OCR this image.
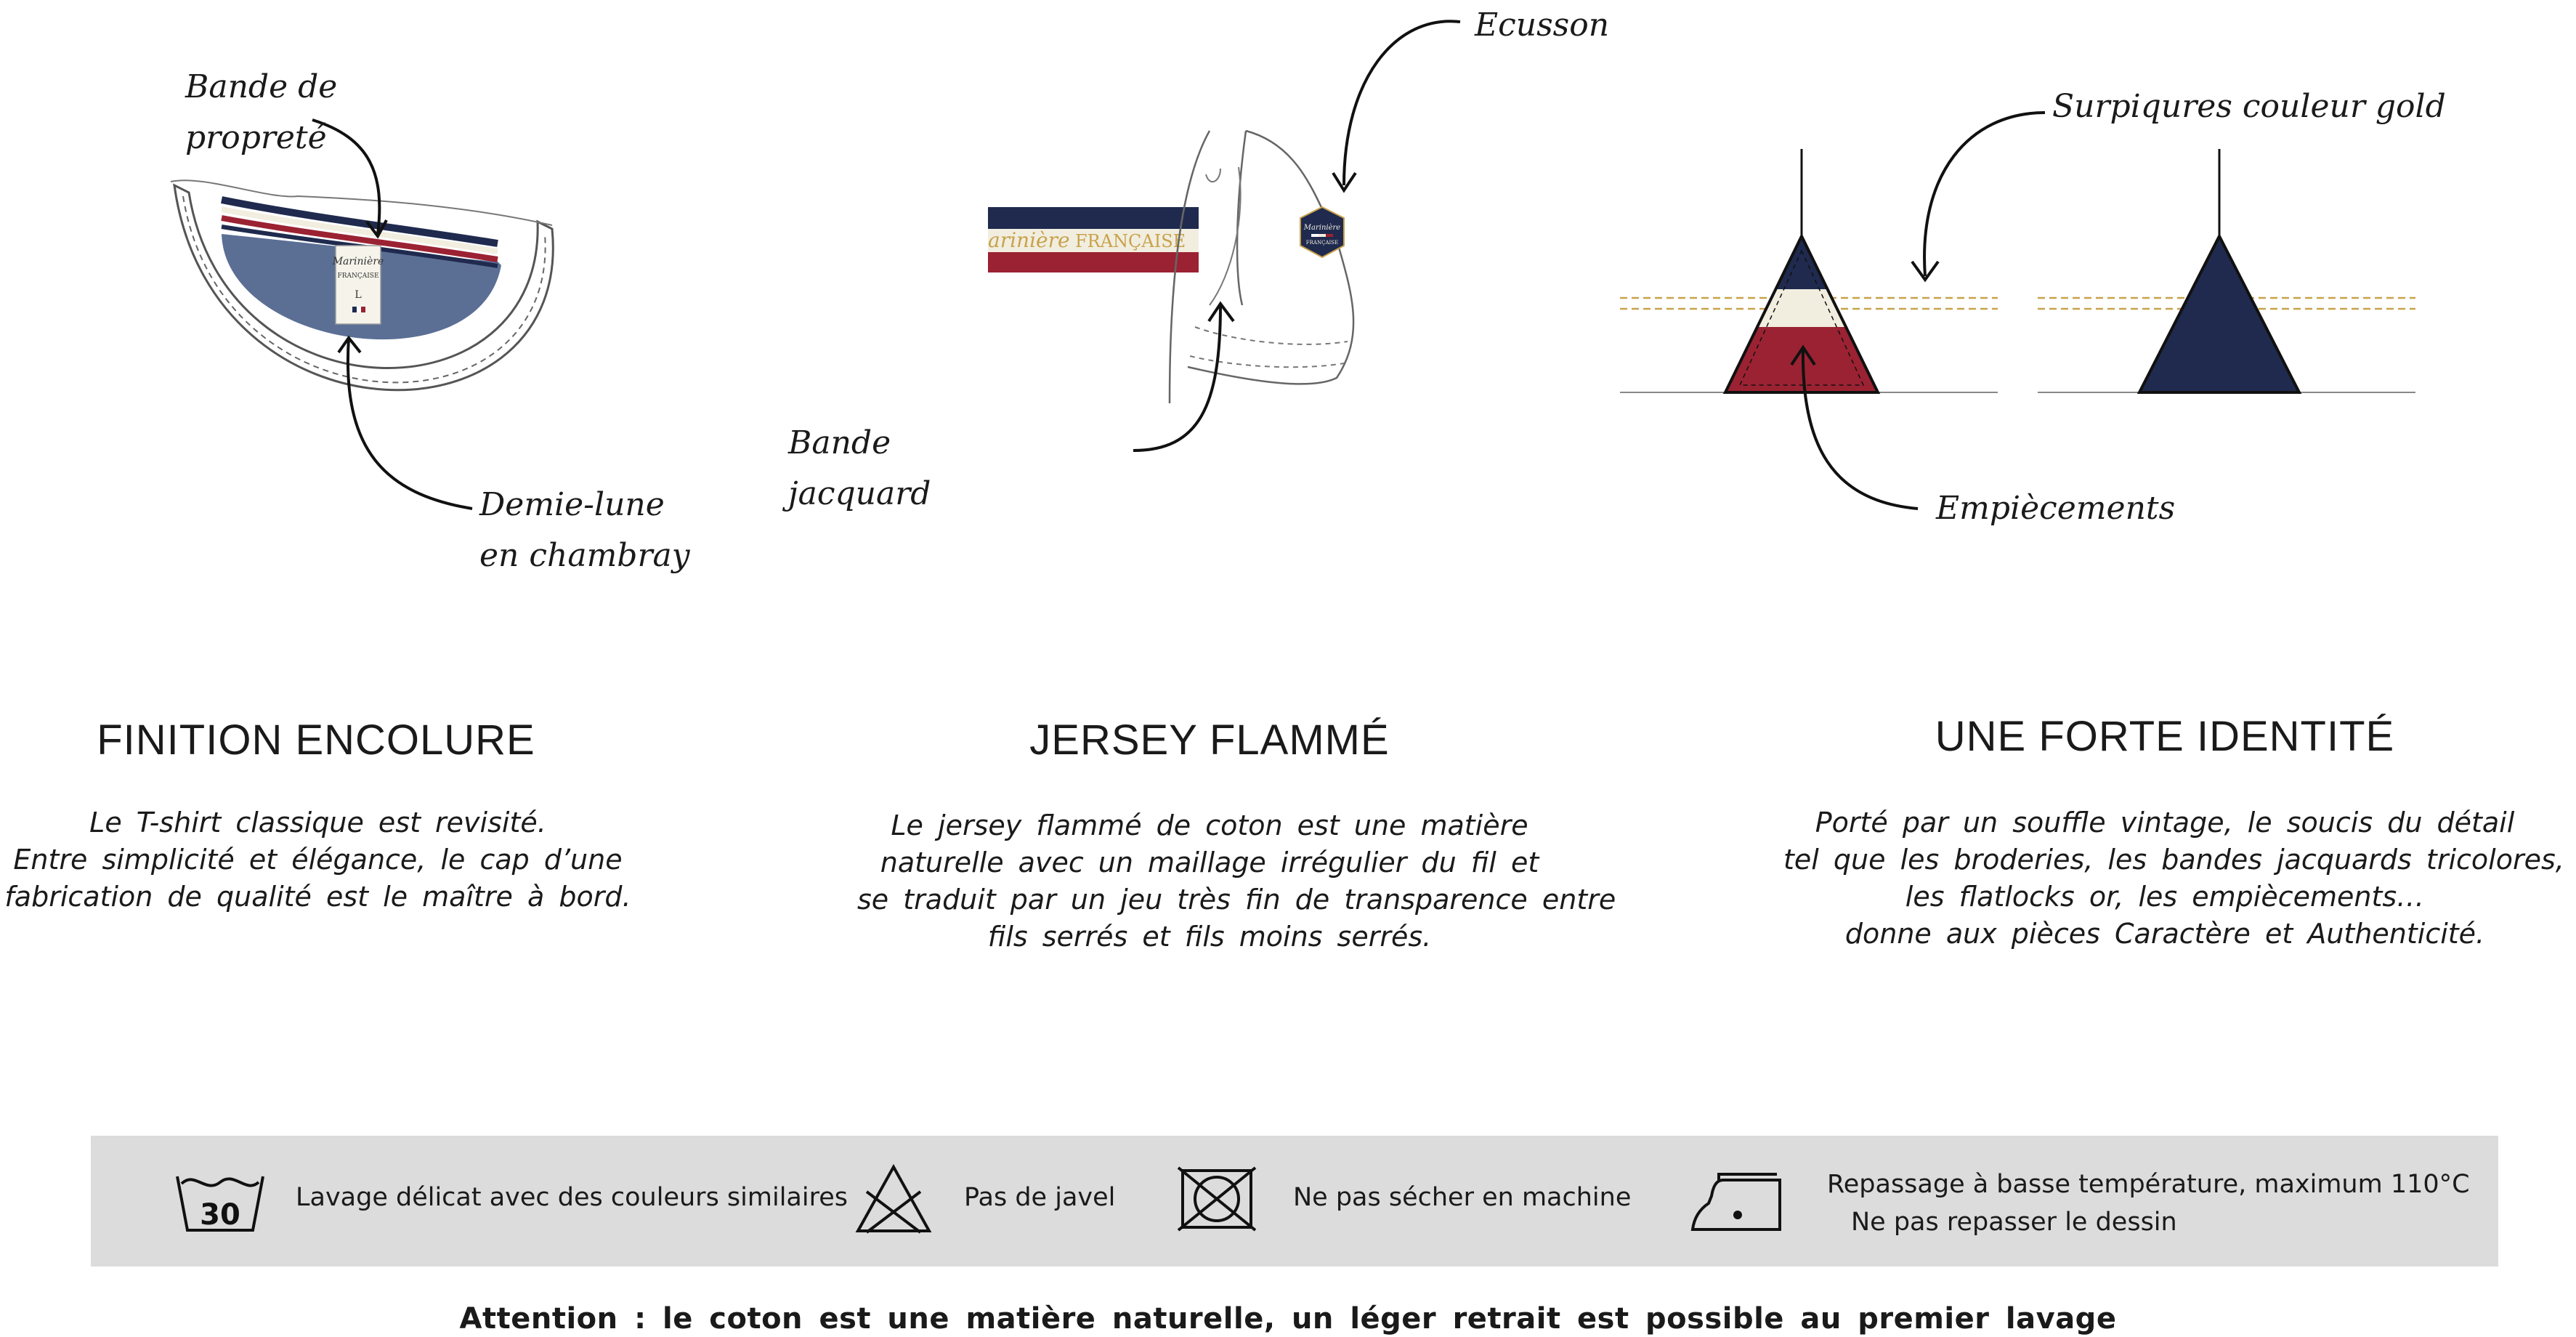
Marinière
FRANÇAISE
L
Bande de
propreté
Demie-lune
en chambray
arinière FRANÇAISE
Marinière
FRANÇAISE
Ecusson
Bande
jacquard
Surpiqures couleur gold
Empiècements
FINITION ENCOLURE
Le T-shirt classique est revisité.
Entre simplicité et élégance, le cap d’une
fabrication de qualité est le maître à bord.
JERSEY FLAMMÉ
Le jersey flammé de coton est une matière
naturelle avec un maillage irrégulier du fil et
se traduit par un jeu très fin de transparence entre
fils serrés et fils moins serrés.
UNE FORTE IDENTITÉ
Porté par un souffle vintage, le soucis du détail
tel que les broderies, les bandes jacquards tricolores,
les flatlocks or, les empiècements…
donne aux pièces Caractère et Authenticité.
30
Lavage délicat avec des couleurs similaires	Pas de javel	Ne pas sécher en machine	Repassage à basse température, maximum 110°C
Ne pas repasser le dessin
Attention : le coton est une matière naturelle, un léger retrait est possible au premier lavage
